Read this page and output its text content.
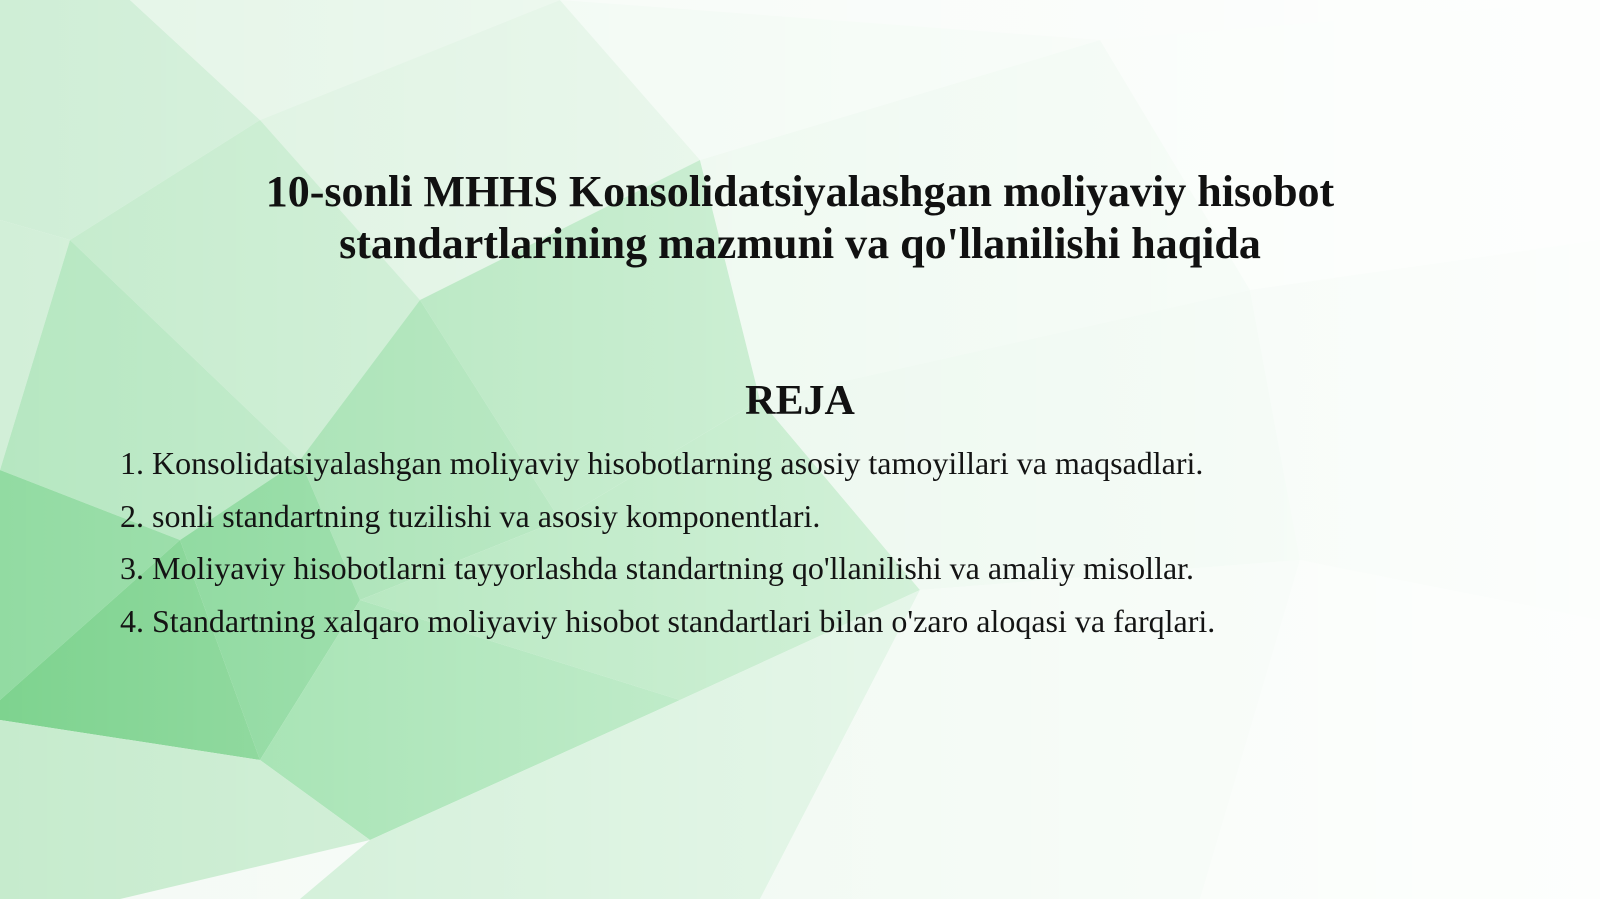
10-sonli MHHS Konsolidatsiyalashgan moliyaviy hisobot
standartlarining mazmuni va qo'llanilishi haqida
REJA
1. Konsolidatsiyalashgan moliyaviy hisobotlarning asosiy tamoyillari va maqsadlari.
2. sonli standartning tuzilishi va asosiy komponentlari.
3. Moliyaviy hisobotlarni tayyorlashda standartning qo'llanilishi va amaliy misollar.
4. Standartning xalqaro moliyaviy hisobot standartlari bilan o'zaro aloqasi va farqlari.
